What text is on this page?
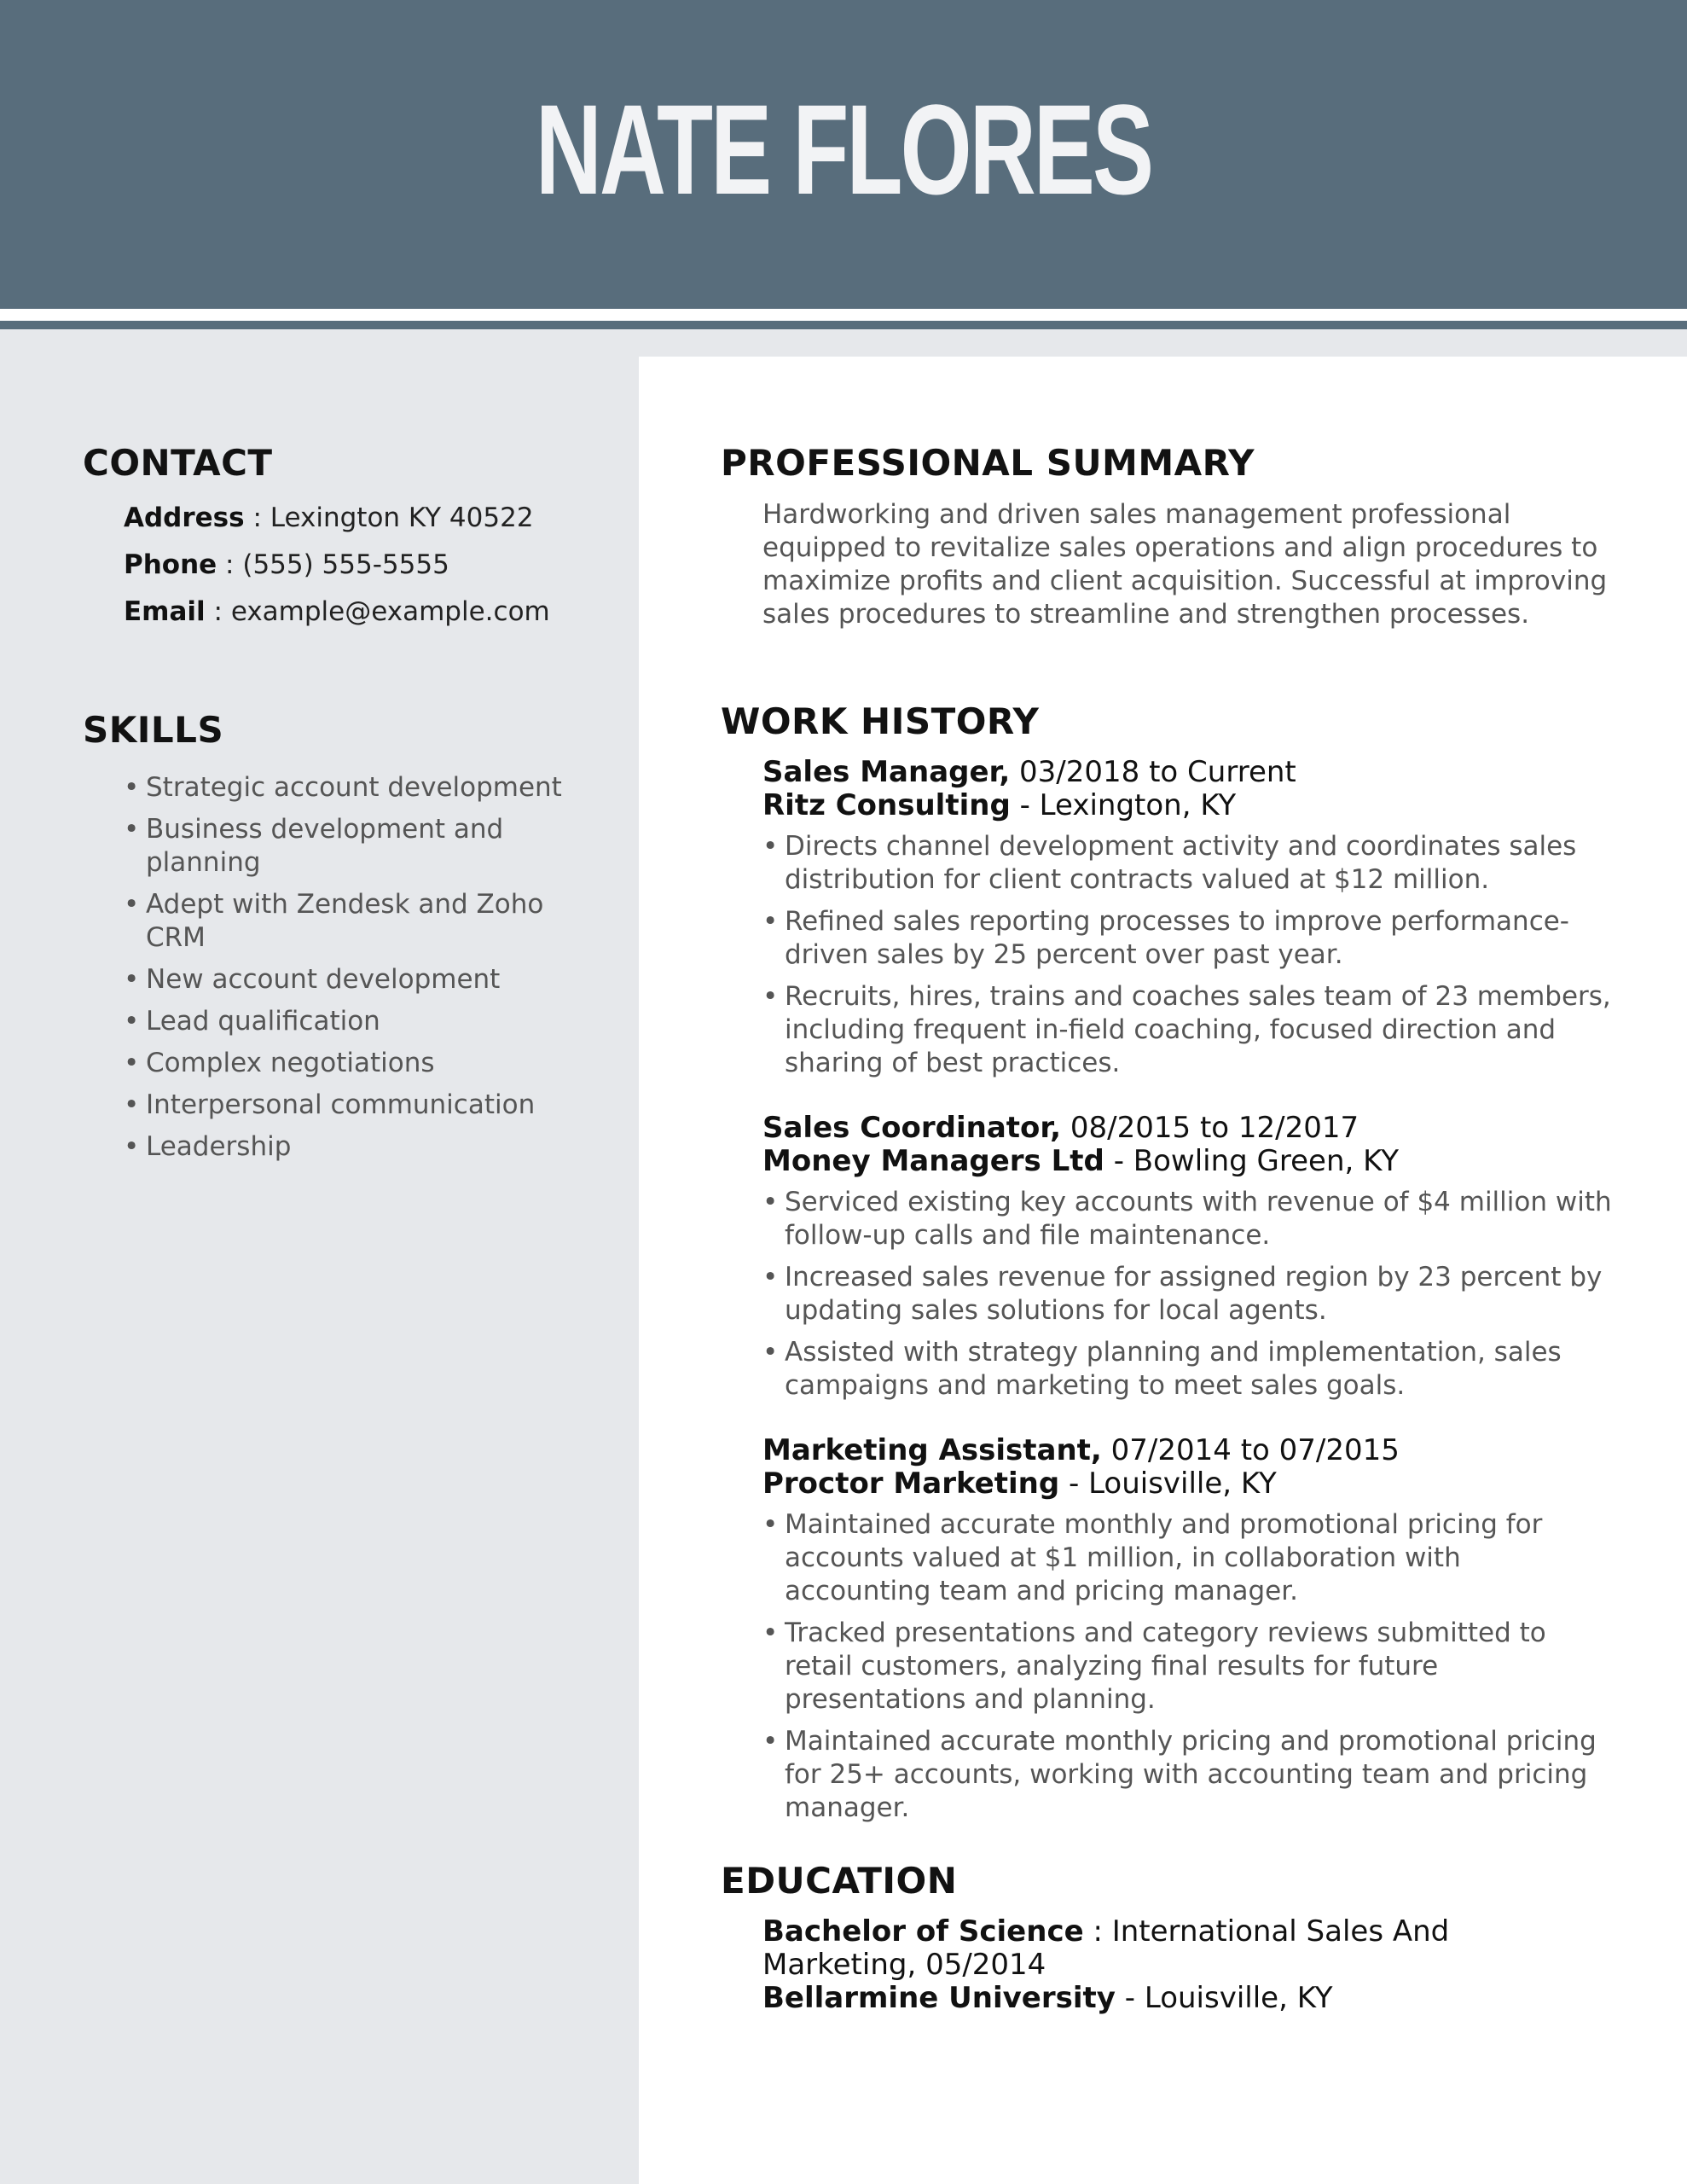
NATE FLORES
CONTACT
Address : Lexington KY 40522
Phone : (555) 555-5555
Email : example@example.com
SKILLS
• Strategic account development
• Business development and planning
• Adept with Zendesk and Zoho CRM
• New account development
• Lead qualification
• Complex negotiations
• Interpersonal communication
• Leadership
PROFESSIONAL SUMMARY

Hardworking and driven sales management professional equipped to revitalize sales operations and align procedures to maximize profits and client acquisition. Successful at improving sales procedures to streamline and strengthen processes.

WORK HISTORY
Sales Manager, 03/2018 to Current
Ritz Consulting - Lexington, KY
• Directs channel development activity and coordinates sales distribution for client contracts valued at $12 million.
• Refined sales reporting processes to improve performance-driven sales by 25 percent over past year.
• Recruits, hires, trains and coaches sales team of 23 members, including frequent in-field coaching, focused direction and sharing of best practices.
Sales Coordinator, 08/2015 to 12/2017
Money Managers Ltd - Bowling Green, KY
• Serviced existing key accounts with revenue of $4 million with follow-up calls and file maintenance.
• Increased sales revenue for assigned region by 23 percent by updating sales solutions for local agents.
• Assisted with strategy planning and implementation, sales campaigns and marketing to meet sales goals.
Marketing Assistant, 07/2014 to 07/2015
Proctor Marketing - Louisville, KY
• Maintained accurate monthly and promotional pricing for accounts valued at $1 million, in collaboration with accounting team and pricing manager.
• Tracked presentations and category reviews submitted to retail customers, analyzing final results for future presentations and planning.
• Maintained accurate monthly pricing and promotional pricing for 25+ accounts, working with accounting team and pricing manager.
EDUCATION
Bachelor of Science : International Sales And Marketing, 05/2014
Bellarmine University - Louisville, KY
